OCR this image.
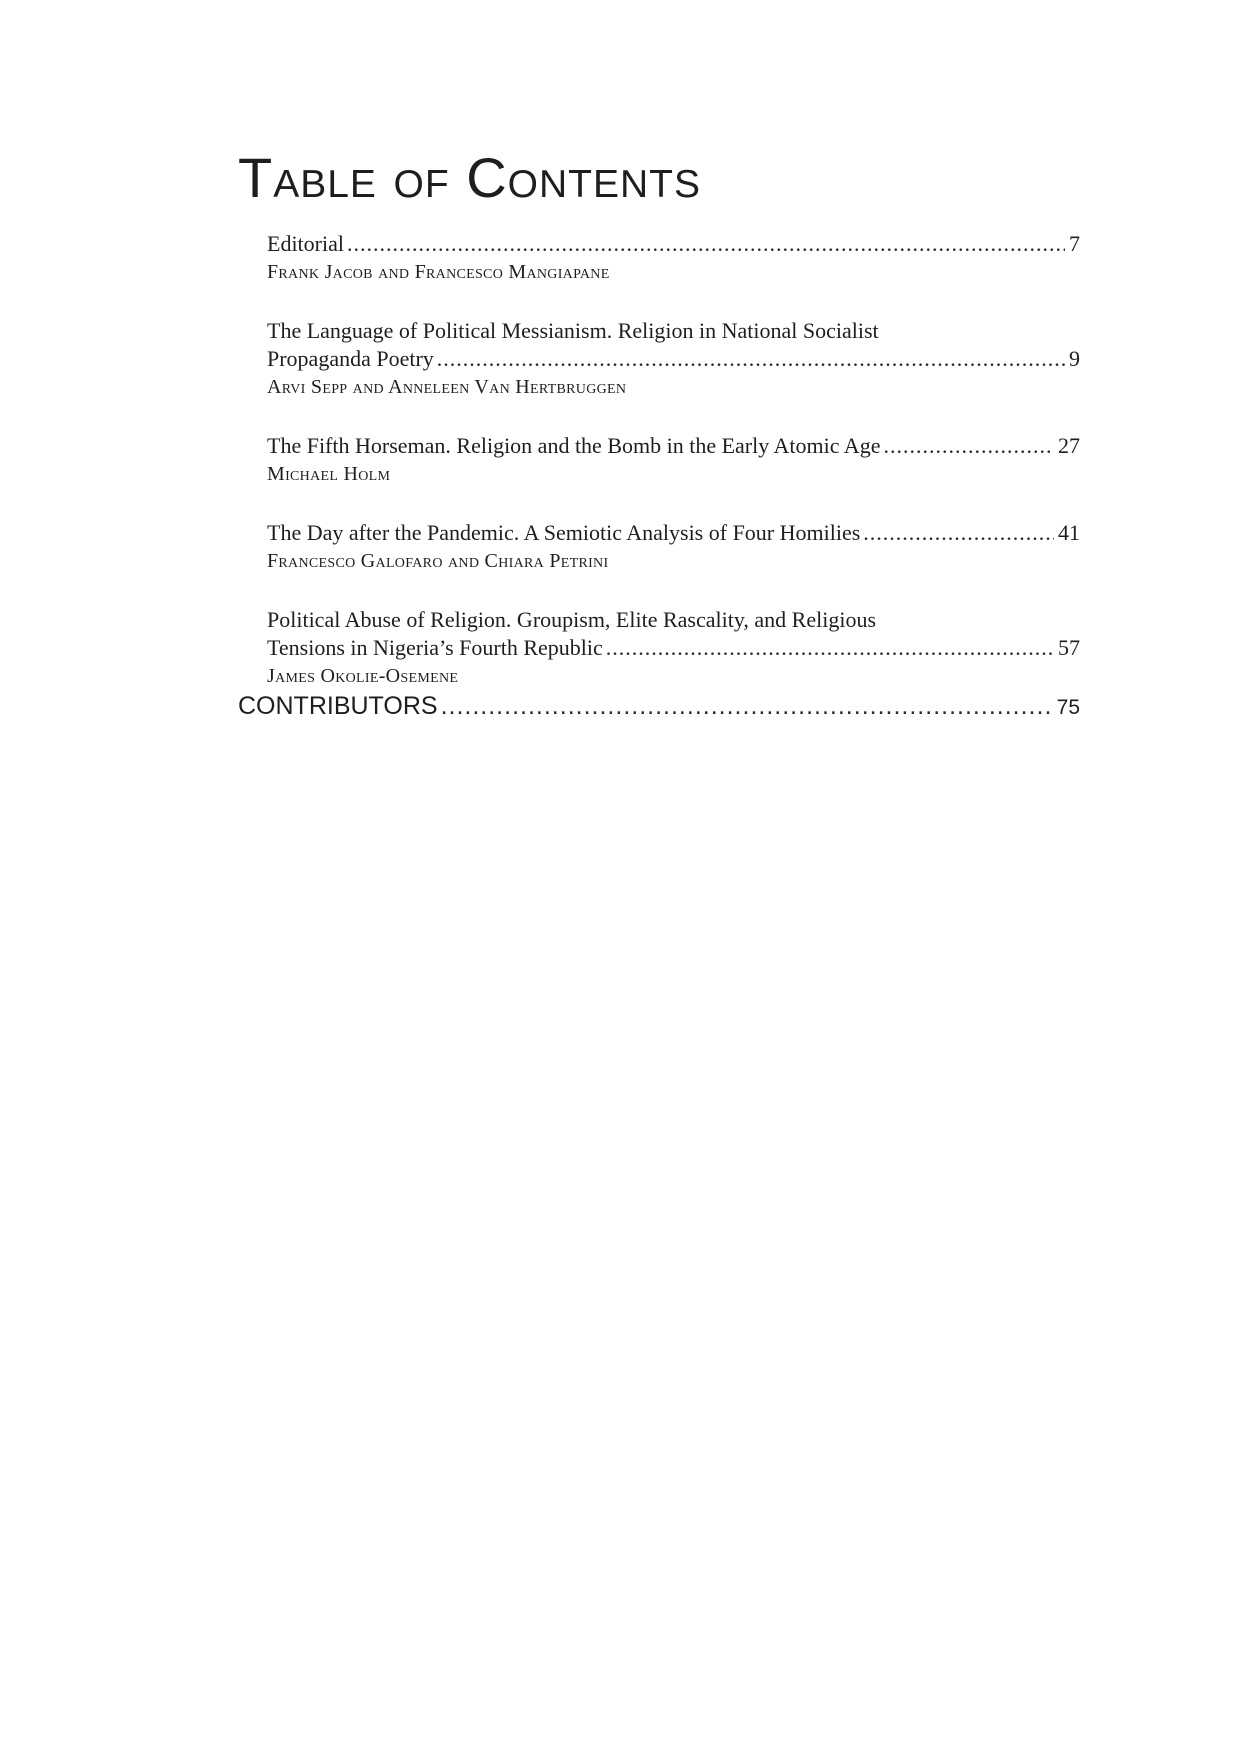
Table of Contents
Editorial .....	7
Frank Jacob and Francesco Mangiapane
The Language of Political Messianism. Religion in National Socialist
Propaganda Poetry .....	9
Arvi Sepp and Anneleen Van Hertbruggen
The Fifth Horseman. Religion and the Bomb in the Early Atomic Age .....	27
Michael Holm
The Day after the Pandemic. A Semiotic Analysis of Four Homilies .....	41
Francesco Galofaro and Chiara Petrini
Political Abuse of Religion. Groupism, Elite Rascality, and Religious
Tensions in Nigeria’s Fourth Republic .....	57
James Okolie-Osemene
CONTRIBUTORS .....	75
